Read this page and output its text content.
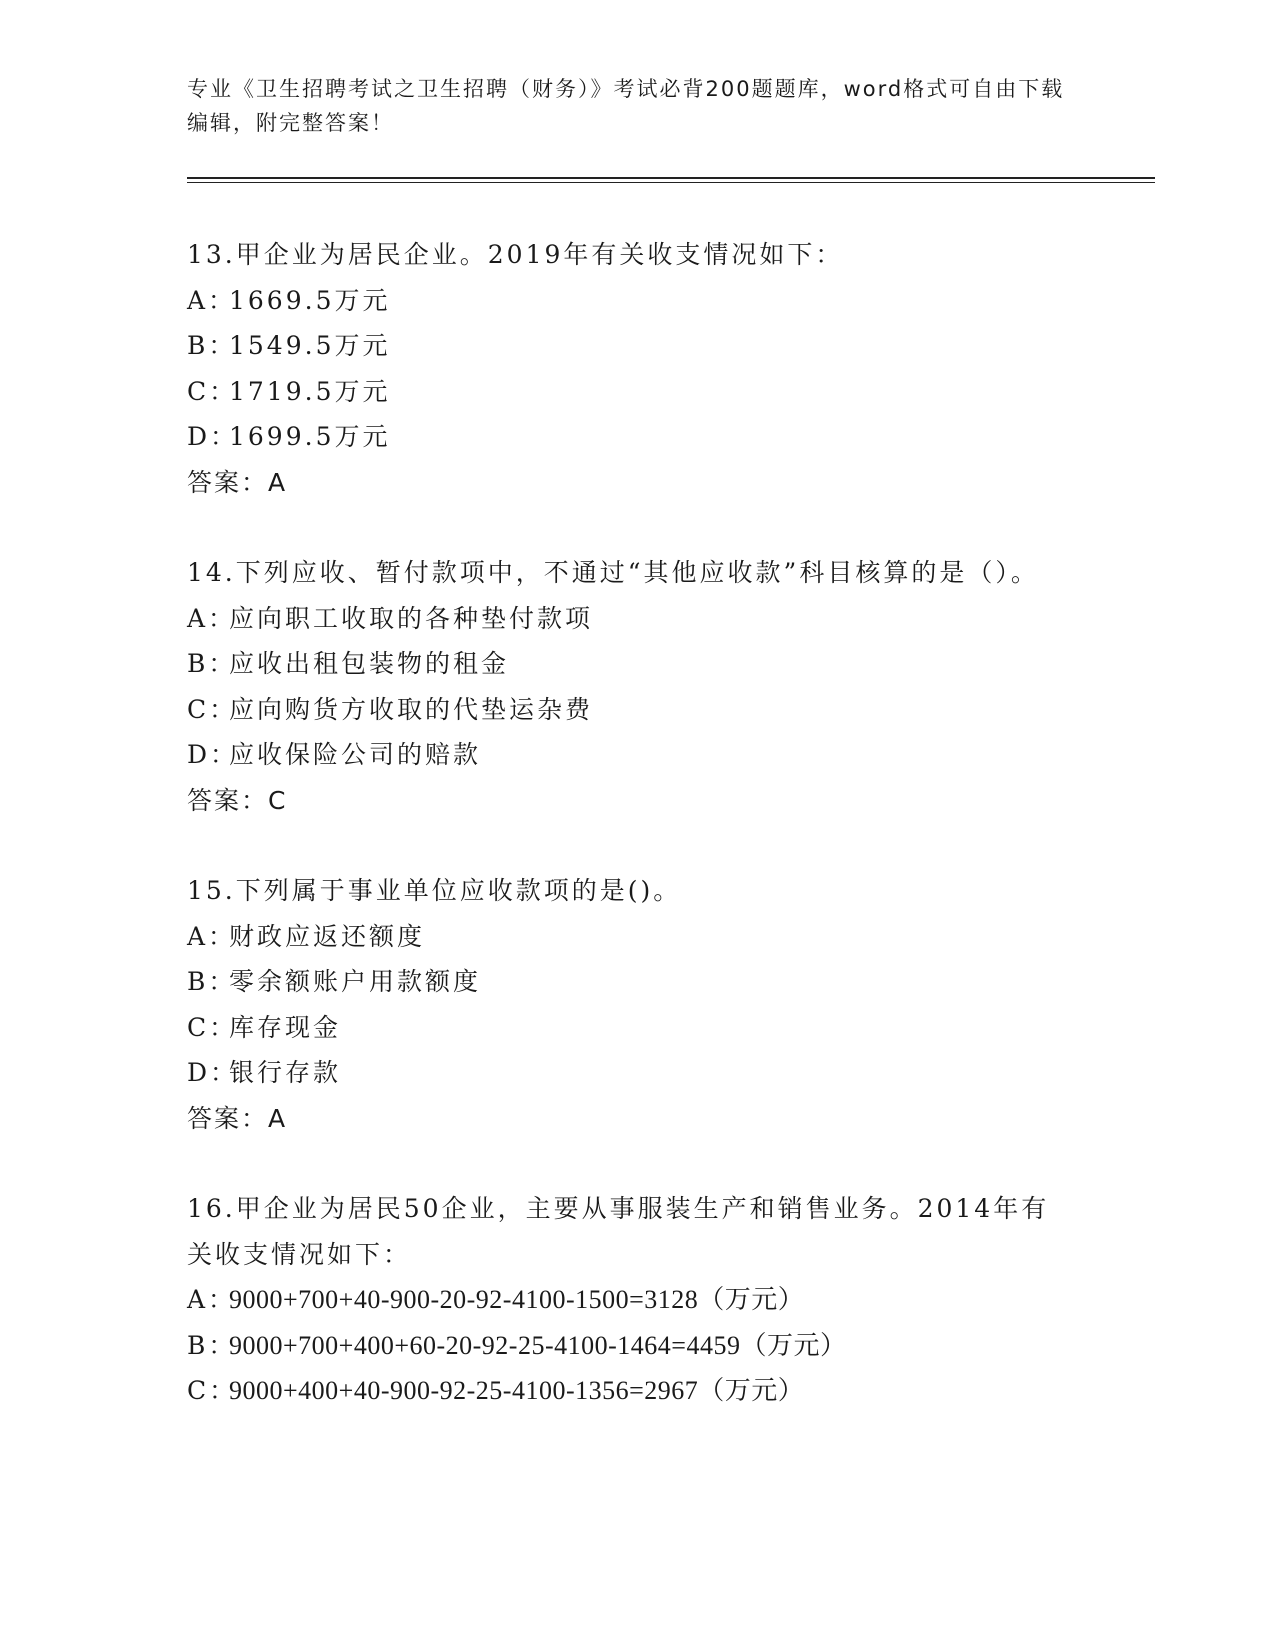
专业《卫生招聘考试之卫生招聘（财务）》考试必背200题题库，word格式可自由下载编辑，附完整答案！
13.甲企业为居民企业。2019年有关收支情况如下：
A：1669.5万元
B：1549.5万元
C：1719.5万元
D：1699.5万元
答案：A
14.下列应收、暂付款项中，不通过“其他应收款”科目核算的是（）。
A：应向职工收取的各种垫付款项
B：应收出租包装物的租金
C：应向购货方收取的代垫运杂费
D：应收保险公司的赔款
答案：C
15.下列属于事业单位应收款项的是()。
A：财政应返还额度
B：零余额账户用款额度
C：库存现金
D：银行存款
答案：A
16.甲企业为居民50企业，主要从事服装生产和销售业务。2014年有关收支情况如下：
A：9000+700+40-900-20-92-4100-1500=3128（万元）
B：9000+700+400+60-20-92-25-4100-1464=4459（万元）
C：9000+400+40-900-92-25-4100-1356=2967（万元）
